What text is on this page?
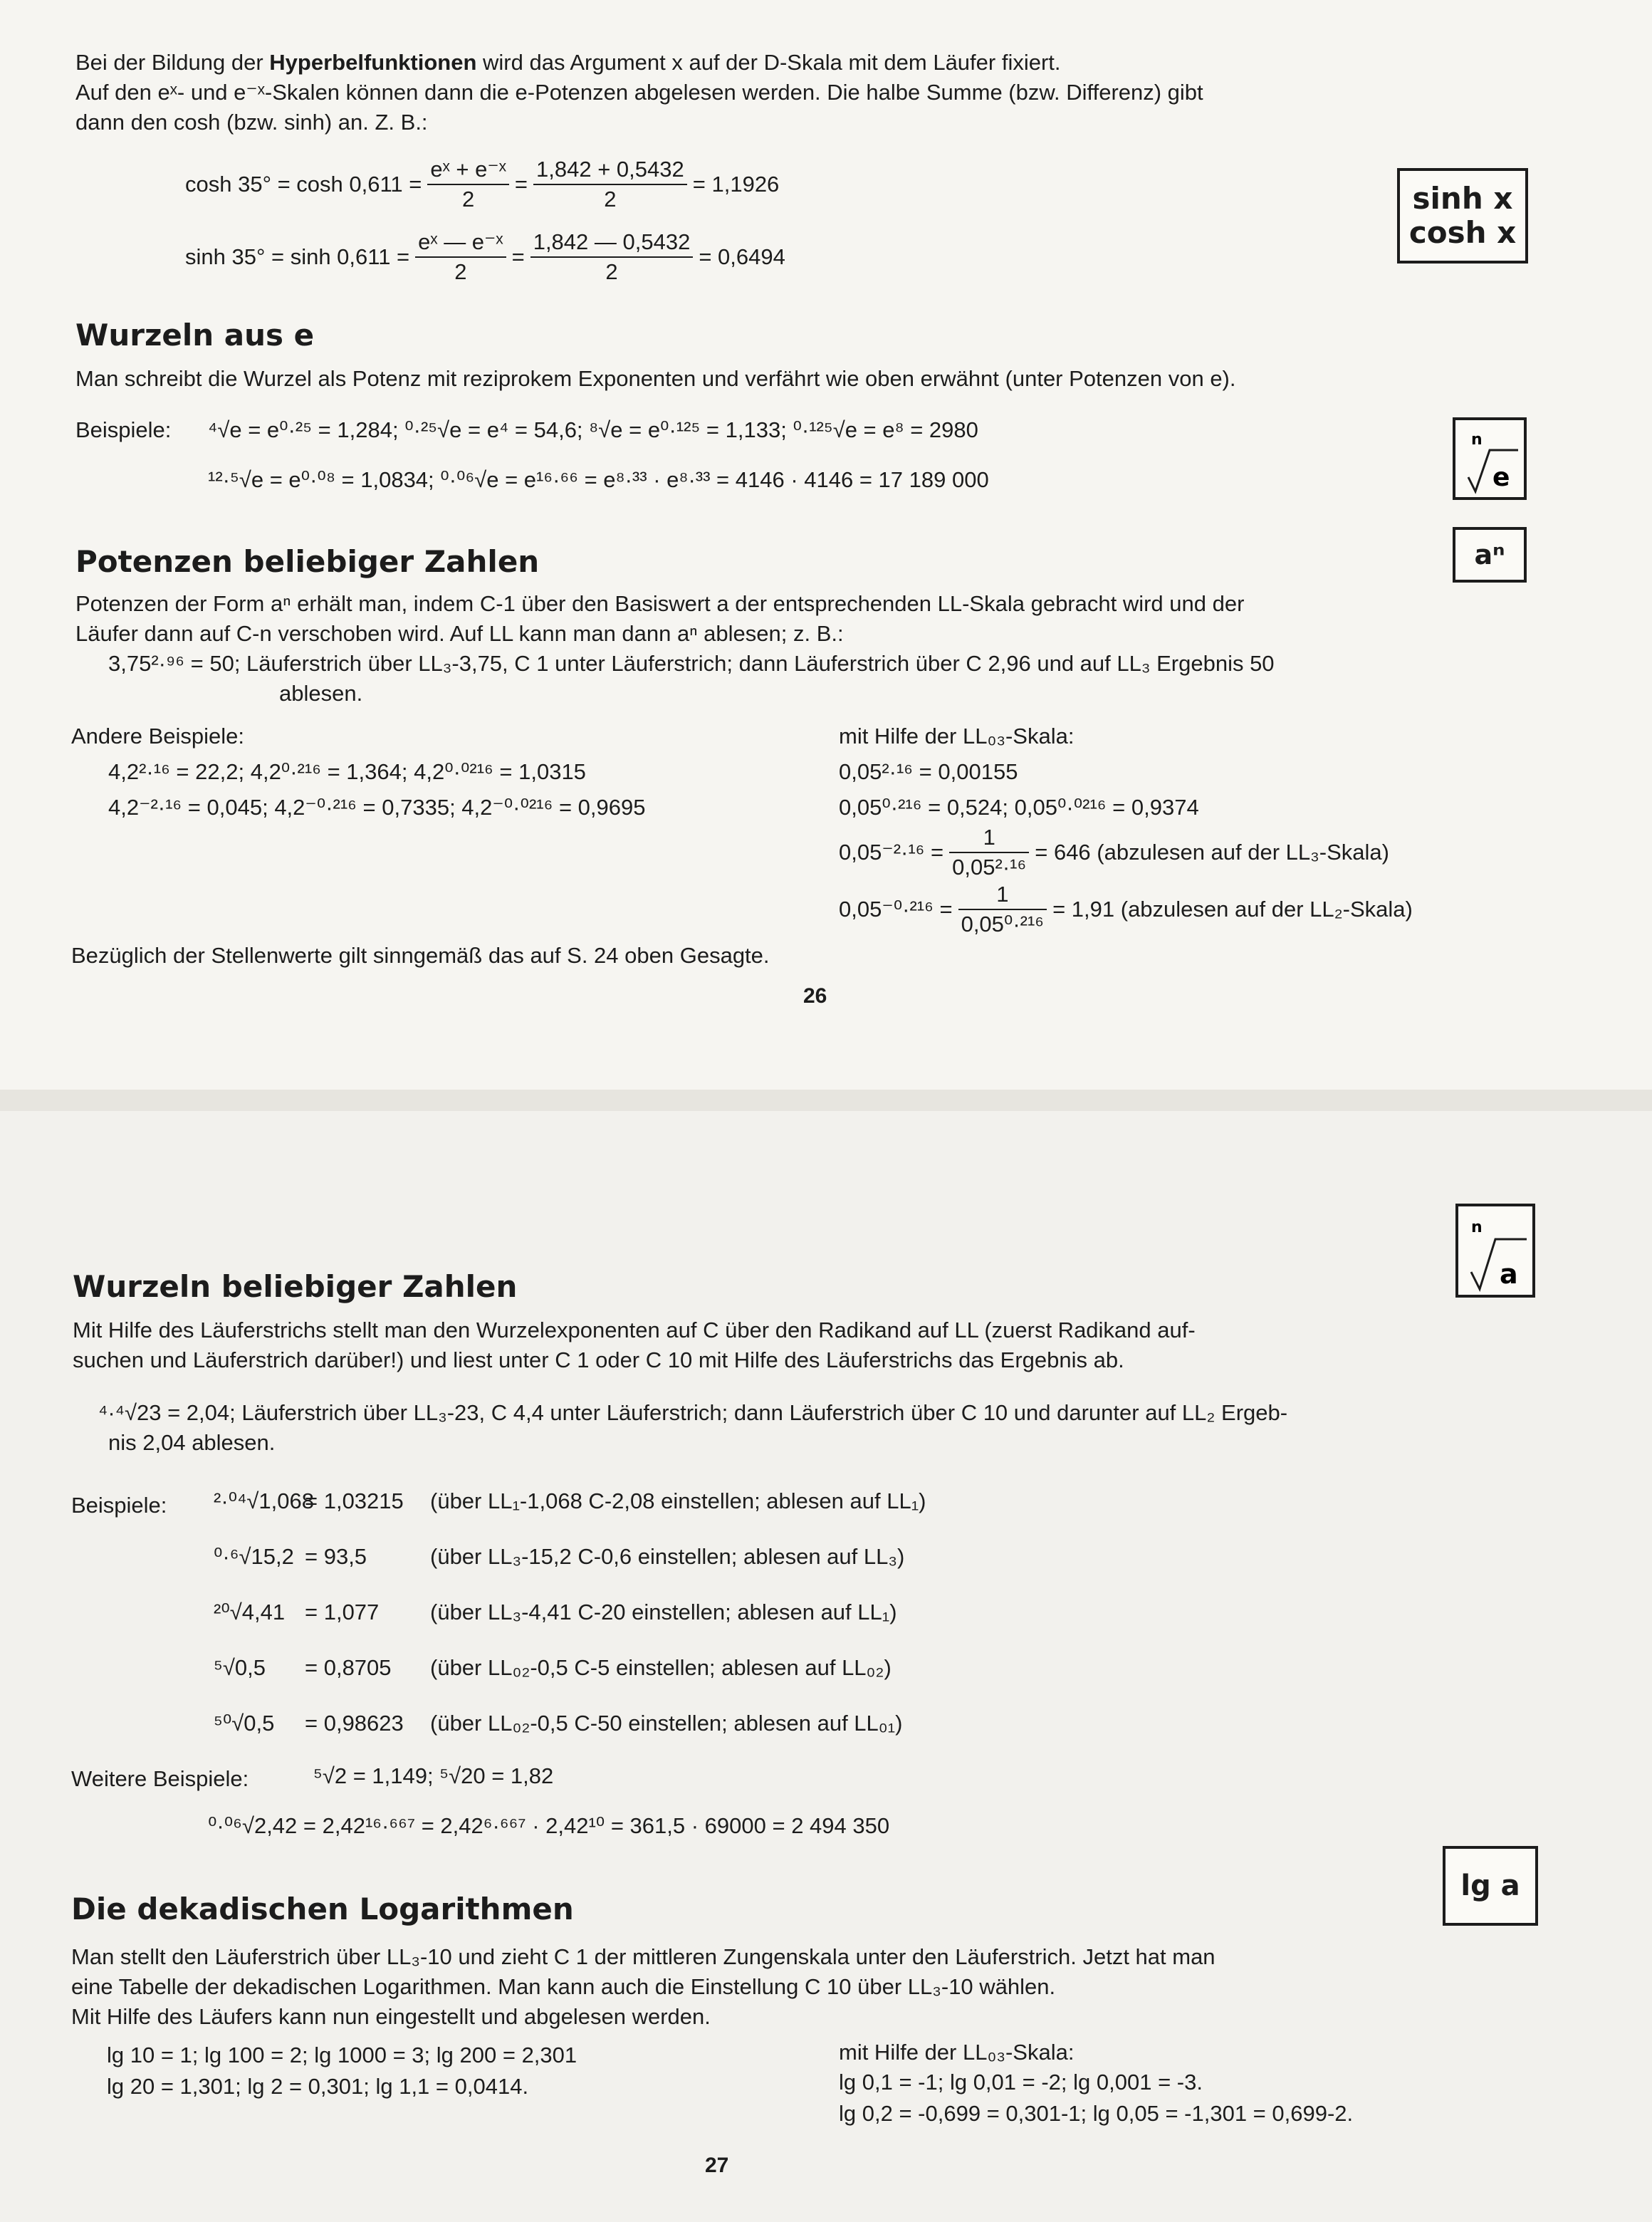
Bei der Bildung der Hyperbelfunktionen wird das Argument x auf der D-Skala mit dem Läufer fixiert.
Auf den eˣ- und e⁻ˣ-Skalen können dann die e-Potenzen abgelesen werden. Die halbe Summe (bzw. Differenz) gibt
dann den cosh (bzw. sinh) an. Z. B.:
$\cosh 35^\circ = \cosh 0,611 = \frac{\text{eˣ + e⁻ˣ}}{2} = \frac{1,842 + 0,5432}{2} = 1,1926$
$\sinh 35^\circ = \sinh 0,611 = \frac{\text{eˣ — e⁻ˣ}}{2} = \frac{1,842 — 0,5432}{2} = 0,6494$
sinh x
cosh x
Wurzeln aus e
Man schreibt die Wurzel als Potenz mit reziprokem Exponenten und verfährt wie oben erwähnt (unter Potenzen von e).
Beispiele: ⁴√e = e⁰·²⁵ = 1,284; ⁰·²⁵√e = e⁴ = 54,6; ⁸√e = e⁰·¹²⁵ = 1,133; ⁰·¹²⁵√e = e⁸ = 2980
¹²·⁵√e = e⁰·⁰⁸ = 1,0834; ⁰·⁰⁶√e = e¹⁶·⁶⁶ = e⁸·³³ · e⁸·³³ = 4146 · 4146 = 17 189 000
n
e
Potenzen beliebiger Zahlen	aⁿ
Potenzen der Form aⁿ erhält man, indem C-1 über den Basiswert a der entsprechenden LL-Skala gebracht wird und der
Läufer dann auf C-n verschoben wird. Auf LL kann man dann aⁿ ablesen; z. B.:
3,75²·⁹⁶ = 50; Läuferstrich über LL₃-3,75, C 1 unter Läuferstrich; dann Läuferstrich über C 2,96 und auf LL₃ Ergebnis 50
ablesen.
Andere Beispiele:
4,2²·¹⁶ = 22,2; 4,2⁰·²¹⁶ = 1,364; 4,2⁰·⁰²¹⁶ = 1,0315
4,2⁻²·¹⁶ = 0,045; 4,2⁻⁰·²¹⁶ = 0,7335; 4,2⁻⁰·⁰²¹⁶ = 0,9695
mit Hilfe der LL₀₃-Skala:
0,05²·¹⁶ = 0,00155
0,05⁰·²¹⁶ = 0,524; 0,05⁰·⁰²¹⁶ = 0,9374
$0,05^{-2}\cdot^{16} = \frac{1}{\text{0,05²·¹⁶}} = 646$ (abzulesen auf der LL₃-Skala)
$0,05^{-0}\cdot^{216} = \frac{1}{\text{0,05⁰·²¹⁶}} = 1,91$ (abzulesen auf der LL₂-Skala)
Bezüglich der Stellenwerte gilt sinngemäß das auf S. 24 oben Gesagte.
26
n
a
Wurzeln beliebiger Zahlen
Mit Hilfe des Läuferstrichs stellt man den Wurzelexponenten auf C über den Radikand auf LL (zuerst Radikand auf-
suchen und Läuferstrich darüber!) und liest unter C 1 oder C 10 mit Hilfe des Läuferstrichs das Ergebnis ab.
⁴·⁴√23 = 2,04; Läuferstrich über LL₃-23, C 4,4 unter Läuferstrich; dann Läuferstrich über C 10 und darunter auf LL₂ Ergeb-
nis 2,04 ablesen.
Beispiele: ²·⁰⁴√1,068= 1,03215 (über LL₁-1,068 C-2,08 einstellen; ablesen auf LL₁)
⁰·⁶√15,2 = 93,5	(über LL₃-15,2 C-0,6 einstellen; ablesen auf LL₃)
²⁰√4,41 = 1,077 (über LL₃-4,41 C-20 einstellen; ablesen auf LL₁)
⁵√0,5 = 0,8705 (über LL₀₂-0,5 C-5 einstellen; ablesen auf LL₀₂)
⁵⁰√0,5 = 0,98623 (über LL₀₂-0,5 C-50 einstellen; ablesen auf LL₀₁)
Weitere Beispiele:	⁵√2 = 1,149; ⁵√20 = 1,82
⁰·⁰⁶√2,42 = 2,42¹⁶·⁶⁶⁷ = 2,42⁶·⁶⁶⁷ · 2,42¹⁰ = 361,5 · 69000 = 2 494 350
lg a
Die dekadischen Logarithmen
Man stellt den Läuferstrich über LL₃-10 und zieht C 1 der mittleren Zungenskala unter den Läuferstrich. Jetzt hat man
eine Tabelle der dekadischen Logarithmen. Man kann auch die Einstellung C 10 über LL₃-10 wählen.
Mit Hilfe des Läufers kann nun eingestellt und abgelesen werden.
lg 10 = 1; lg 100 = 2; lg 1000 = 3; lg 200 = 2,301
lg 20 = 1,301; lg 2 = 0,301; lg 1,1 = 0,0414.
mit Hilfe der LL₀₃-Skala:
lg 0,1 = -1; lg 0,01 = -2; lg 0,001 = -3.
lg 0,2 = -0,699 = 0,301-1; lg 0,05 = -1,301 = 0,699-2.
27
